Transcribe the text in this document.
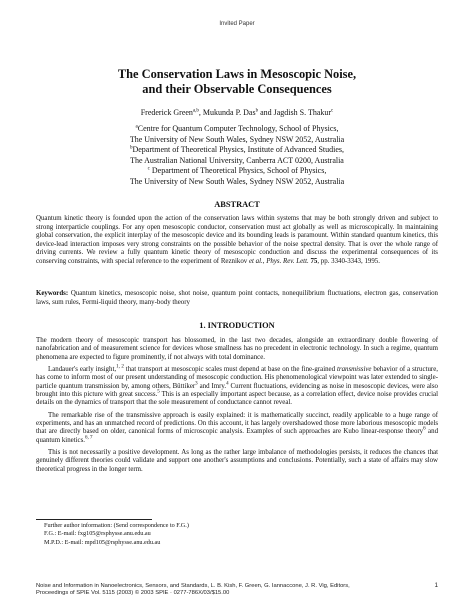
Invited Paper
The Conservation Laws in Mesoscopic Noise,
and their Observable Consequences
Frederick Green$^{a,b}$, Mukunda P. Das$^b$ and Jagdish S. Thakur$^c$
$^a$Centre for Quantum Computer Technology, School of Physics,
The University of New South Wales, Sydney NSW 2052, Australia
$^b$Department of Theoretical Physics, Institute of Advanced Studies,
The Australian National University, Canberra ACT 0200, Australia
$^c$ Department of Theoretical Physics, School of Physics,
The University of New South Wales, Sydney NSW 2052, Australia
ABSTRACT

Quantum kinetic theory is founded upon the action of the conservation laws within systems that may be both strongly driven and subject to strong interparticle couplings. For any open mesoscopic conductor, conservation must act globally as well as microscopically. In maintaining global conservation, the explicit interplay of the mesoscopic device and its bounding leads is paramount. Within standard quantum kinetics, this device-lead interaction imposes very strong constraints on the possible behavior of the noise spectral density. That is over the whole range of driving currents. We review a fully quantum kinetic theory of mesoscopic conduction and discuss the experimental consequences of its conserving constraints, with special reference to the experiment of Reznikov et al., Phys. Rev. Lett. 75, pp. 3340-3343, 1995.

Keywords: Quantum kinetics, mesoscopic noise, shot noise, quantum point contacts, nonequilibrium fluctuations, electron gas, conservation laws, sum rules, Fermi-liquid theory, many-body theory

1. INTRODUCTION

The modern theory of mesoscopic transport has blossomed, in the last two decades, alongside an extraordinary double flowering of nanofabrication and of measurement science for devices whose smallness has no precedent in electronic technology. In such a regime, quantum phenomena are expected to figure prominently, if not always with total dominance.

Landauer's early insight,$^{1, 2}$ that transport at mesoscopic scales must depend at base on the fine-grained transmissive behavior of a structure, has come to inform most of our present understanding of mesoscopic conduction. His phenomenological viewpoint was later extended to single-particle quantum transmission by, among others, Büttiker$^3$ and Imry.$^4$ Current fluctuations, evidencing as noise in mesoscopic devices, were also brought into this picture with great success.$^5$ This is an especially important aspect because, as a correlation effect, device noise provides crucial details on the dynamics of transport that the sole measurement of conductance cannot reveal.

The remarkable rise of the transmissive approach is easily explained: it is mathematically succinct, readily applicable to a huge range of experiments, and has an unmatched record of predictions. On this account, it has largely overshadowed those more laborious mesoscopic models that are directly based on older, canonical forms of microscopic analysis. Examples of such approaches are Kubo linear-response theory$^6$ and quantum kinetics.$^{6, 7}$

This is not necessarily a positive development. As long as the rather large imbalance of methodologies persists, it reduces the chances that genuinely different theories could validate and support one another's assumptions and conclusions. Potentially, such a state of affairs may slow theoretical progress in the longer term.

Further author information: (Send correspondence to F.G.)
F.G.: E-mail: fxg105@rsphysse.anu.edu.au
M.P.D.: E-mail: mpd105@rsphysse.anu.edu.au
Noise and Information in Nanoelectronics, Sensors, and Standards, L. B. Kish, F. Green, G. Iannaccone, J. R. Vig, Editors,
Proceedings of SPIE Vol. 5115 (2003) © 2003 SPIE · 0277-786X/03/$15.00
1
